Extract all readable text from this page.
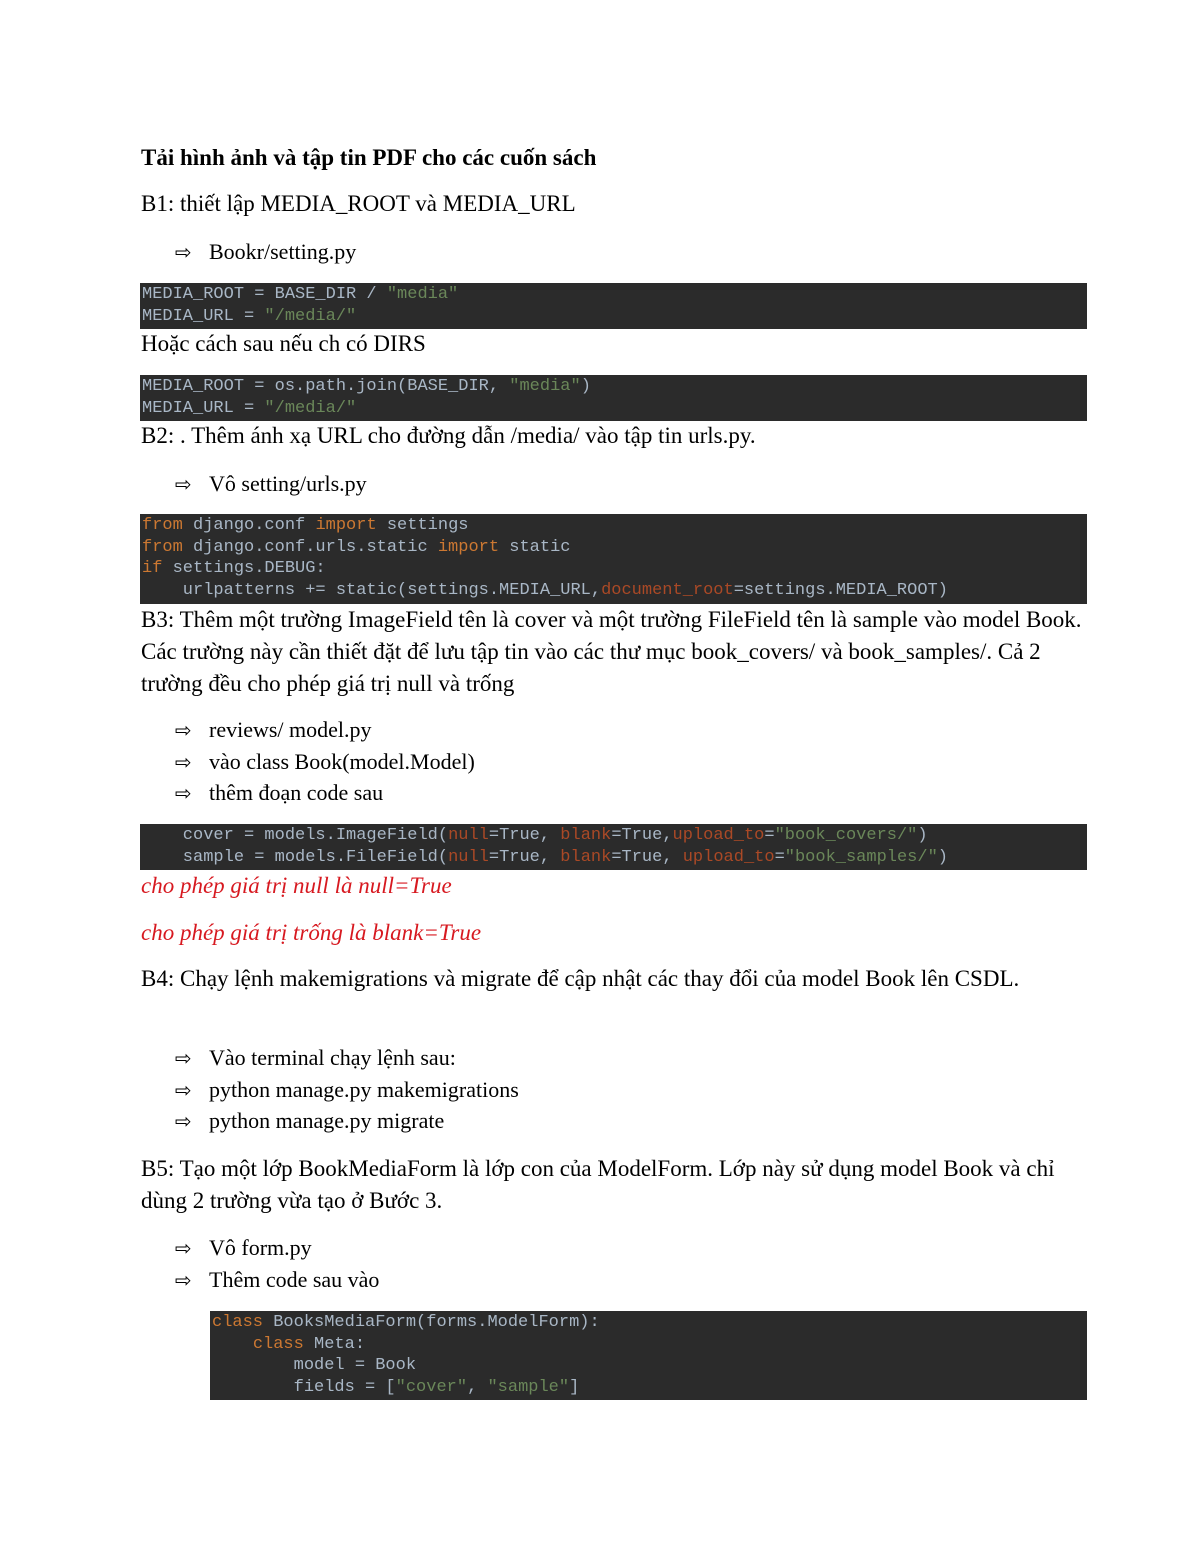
Tải hình ảnh và tập tin PDF cho các cuốn sách

B1: thiết lập MEDIA_ROOT và MEDIA_URL

⇨ Bookr/setting.py
MEDIA_ROOT = BASE_DIR / "media"
MEDIA_URL = "/media/"

Hoặc cách sau nếu ch có DIRS

MEDIA_ROOT = os.path.join(BASE_DIR, "media")
MEDIA_URL = "/media/"

B2: . Thêm ánh xạ URL cho đường dẫn /media/ vào tập tin urls.py.

⇨ Vô setting/urls.py
from django.conf import settings
from django.conf.urls.static import static
if settings.DEBUG:
urlpatterns += static(settings.MEDIA_URL,document_root=settings.MEDIA_ROOT)

B3: Thêm một trường ImageField tên là cover và một trường FileField tên là sample vào model Book. Các trường này cần thiết đặt để lưu tập tin vào các thư mục book_covers/ và book_samples/. Cả 2 trường đều cho phép giá trị null và trống

⇨ reviews/ model.py
⇨ vào class Book(model.Model)
⇨ thêm đoạn code sau
cover = models.ImageField(null=True, blank=True,upload_to="book_covers/")
sample = models.FileField(null=True, blank=True, upload_to="book_samples/")

cho phép giá trị null là null=True

cho phép giá trị trống là blank=True

B4: Chạy lệnh makemigrations và migrate để cập nhật các thay đổi của model Book lên CSDL.

⇨ Vào terminal chạy lệnh sau:
⇨ python manage.py makemigrations
⇨ python manage.py migrate

B5: Tạo một lớp BookMediaForm là lớp con của ModelForm. Lớp này sử dụng model Book và chỉ dùng 2 trường vừa tạo ở Bước 3.

⇨ Vô form.py
⇨ Thêm code sau vào
class BooksMediaForm(forms.ModelForm):
class Meta:
model = Book
fields = ["cover", "sample"]
